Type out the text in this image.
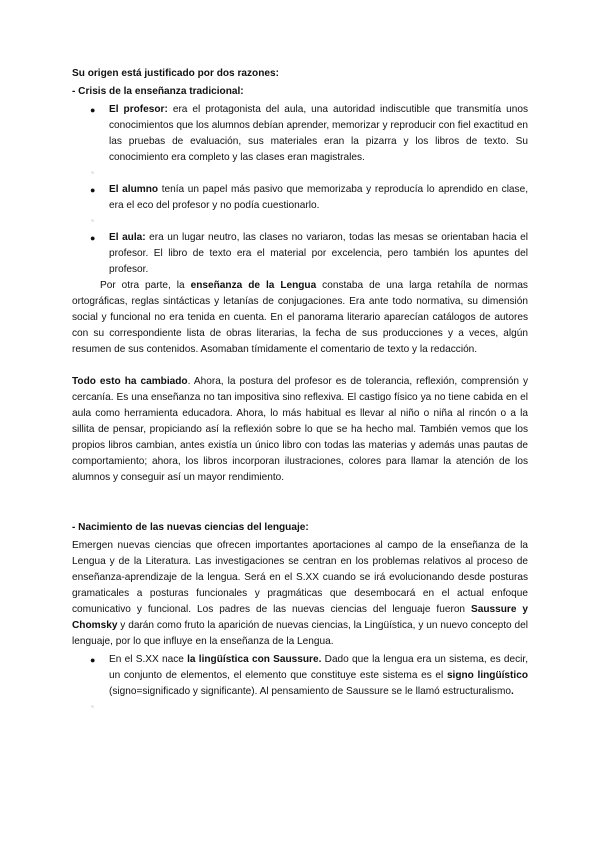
Su origen está justificado por dos razones:
- Crisis de la enseñanza tradicional:
● El profesor: era el protagonista del aula, una autoridad indiscutible que transmitía unos conocimientos que los alumnos debían aprender, memorizar y reproducir con fiel exactitud en las pruebas de evaluación, sus materiales eran la pizarra y los libros de texto. Su conocimiento era completo y las clases eran magistrales.
● El alumno tenía un papel más pasivo que memorizaba y reproducía lo aprendido en clase, era el eco del profesor y no podía cuestionarlo.
● El aula: era un lugar neutro, las clases no variaron, todas las mesas se orientaban hacia el profesor. El libro de texto era el material por excelencia, pero también los apuntes del profesor.

Por otra parte, la enseñanza de la Lengua constaba de una larga retahíla de normas ortográficas, reglas sintácticas y letanías de conjugaciones. Era ante todo normativa, su dimensión social y funcional no era tenida en cuenta. En el panorama literario aparecían catálogos de autores con su correspondiente lista de obras literarias, la fecha de sus producciones y a veces, algún resumen de sus contenidos. Asomaban tímidamente el comentario de texto y la redacción.

Todo esto ha cambiado. Ahora, la postura del profesor es de tolerancia, reflexión, comprensión y cercanía. Es una enseñanza no tan impositiva sino reflexiva. El castigo físico ya no tiene cabida en el aula como herramienta educadora. Ahora, lo más habitual es llevar al niño o niña al rincón o a la sillita de pensar, propiciando así la reflexión sobre lo que se ha hecho mal. También vemos que los propios libros cambian, antes existía un único libro con todas las materias y además unas pautas de comportamiento; ahora, los libros incorporan ilustraciones, colores para llamar la atención de los alumnos y conseguir así un mayor rendimiento.

- Nacimiento de las nuevas ciencias del lenguaje:

Emergen nuevas ciencias que ofrecen importantes aportaciones al campo de la enseñanza de la Lengua y de la Literatura. Las investigaciones se centran en los problemas relativos al proceso de enseñanza-aprendizaje de la lengua. Será en el S.XX cuando se irá evolucionando desde posturas gramaticales a posturas funcionales y pragmáticas que desembocará en el actual enfoque comunicativo y funcional. Los padres de las nuevas ciencias del lenguaje fueron Saussure y Chomsky y darán como fruto la aparición de nuevas ciencias, la Lingüística, y un nuevo concepto del lenguaje, por lo que influye en la enseñanza de la Lengua.

● En el S.XX nace la lingüística con Saussure. Dado que la lengua era un sistema, es decir, un conjunto de elementos, el elemento que constituye este sistema es el signo lingüístico (signo=significado y significante). Al pensamiento de Saussure se le llamó estructuralismo.
